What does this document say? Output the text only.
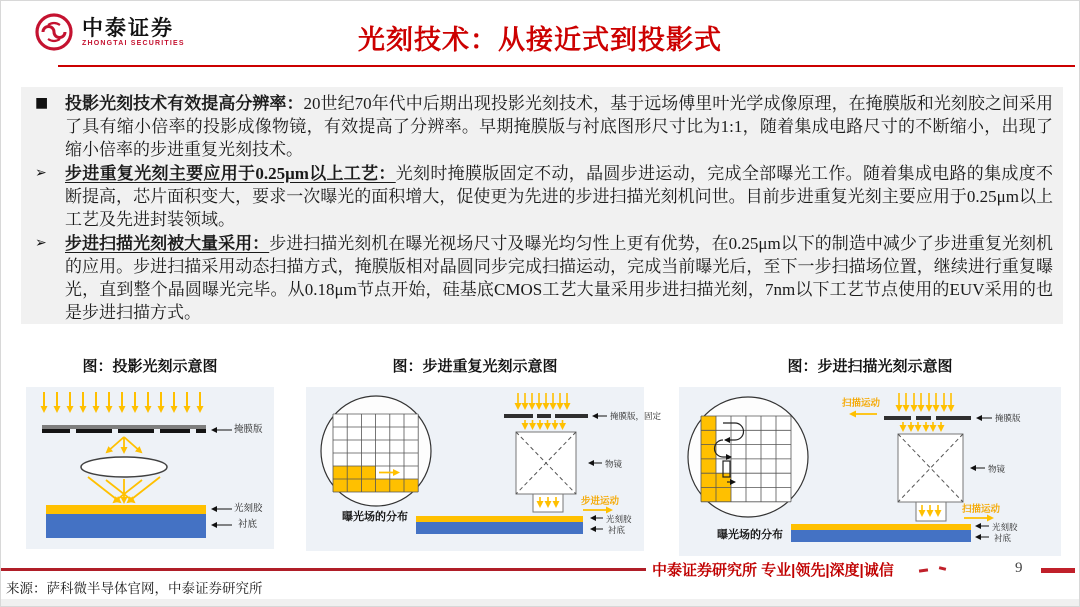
中泰证券
ZHONGTAI SECURITIES	光刻技术：从接近式到投影式
■ 投影光刻技术有效提高分辨率：20世纪70年代中后期出现投影光刻技术，基于远场傅里叶光学成像原理，在掩膜版和光刻胶之间采用了具有缩小倍率的投影成像物镜，有效提高了分辨率。早期掩膜版与衬底图形尺寸比为1:1，随着集成电路尺寸的不断缩小，出现了缩小倍率的步进重复光刻技术。
➢	步进重复光刻主要应用于0.25μm以上工艺：光刻时掩膜版固定不动，晶圆步进运动，完成全部曝光工作。随着集成电路的集成度不断提高，芯片面积变大，要求一次曝光的面积增大，促使更为先进的步进扫描光刻机问世。目前步进重复光刻主要应用于0.25μm以上工艺及先进封装领域。
➢	步进扫描光刻被大量采用：步进扫描光刻机在曝光视场尺寸及曝光均匀性上更有优势，在0.25μm以下的制造中减少了步进重复光刻机的应用。步进扫描采用动态扫描方式，掩膜版相对晶圆同步完成扫描运动，完成当前曝光后，至下一步扫描场位置，继续进行重复曝光，直到整个晶圆曝光完毕。从0.18μm节点开始，硅基底CMOS工艺大量采用步进扫描光刻，7nm以下工艺节点使用的EUV采用的也是步进扫描方式。
图：投影光刻示意图	图：步进重复光刻示意图	图：步进扫描光刻示意图
掩膜版
光刻胶
衬底
掩膜版，固定
物镜
步进运动
光刻胶
衬底
曝光场的分布
扫描运动
掩膜版
物镜
扫描运动
光刻胶
衬底
曝光场的分布
中泰证券研究所 专业|领先|深度|诚信	9
来源：萨科微半导体官网，中泰证券研究所
